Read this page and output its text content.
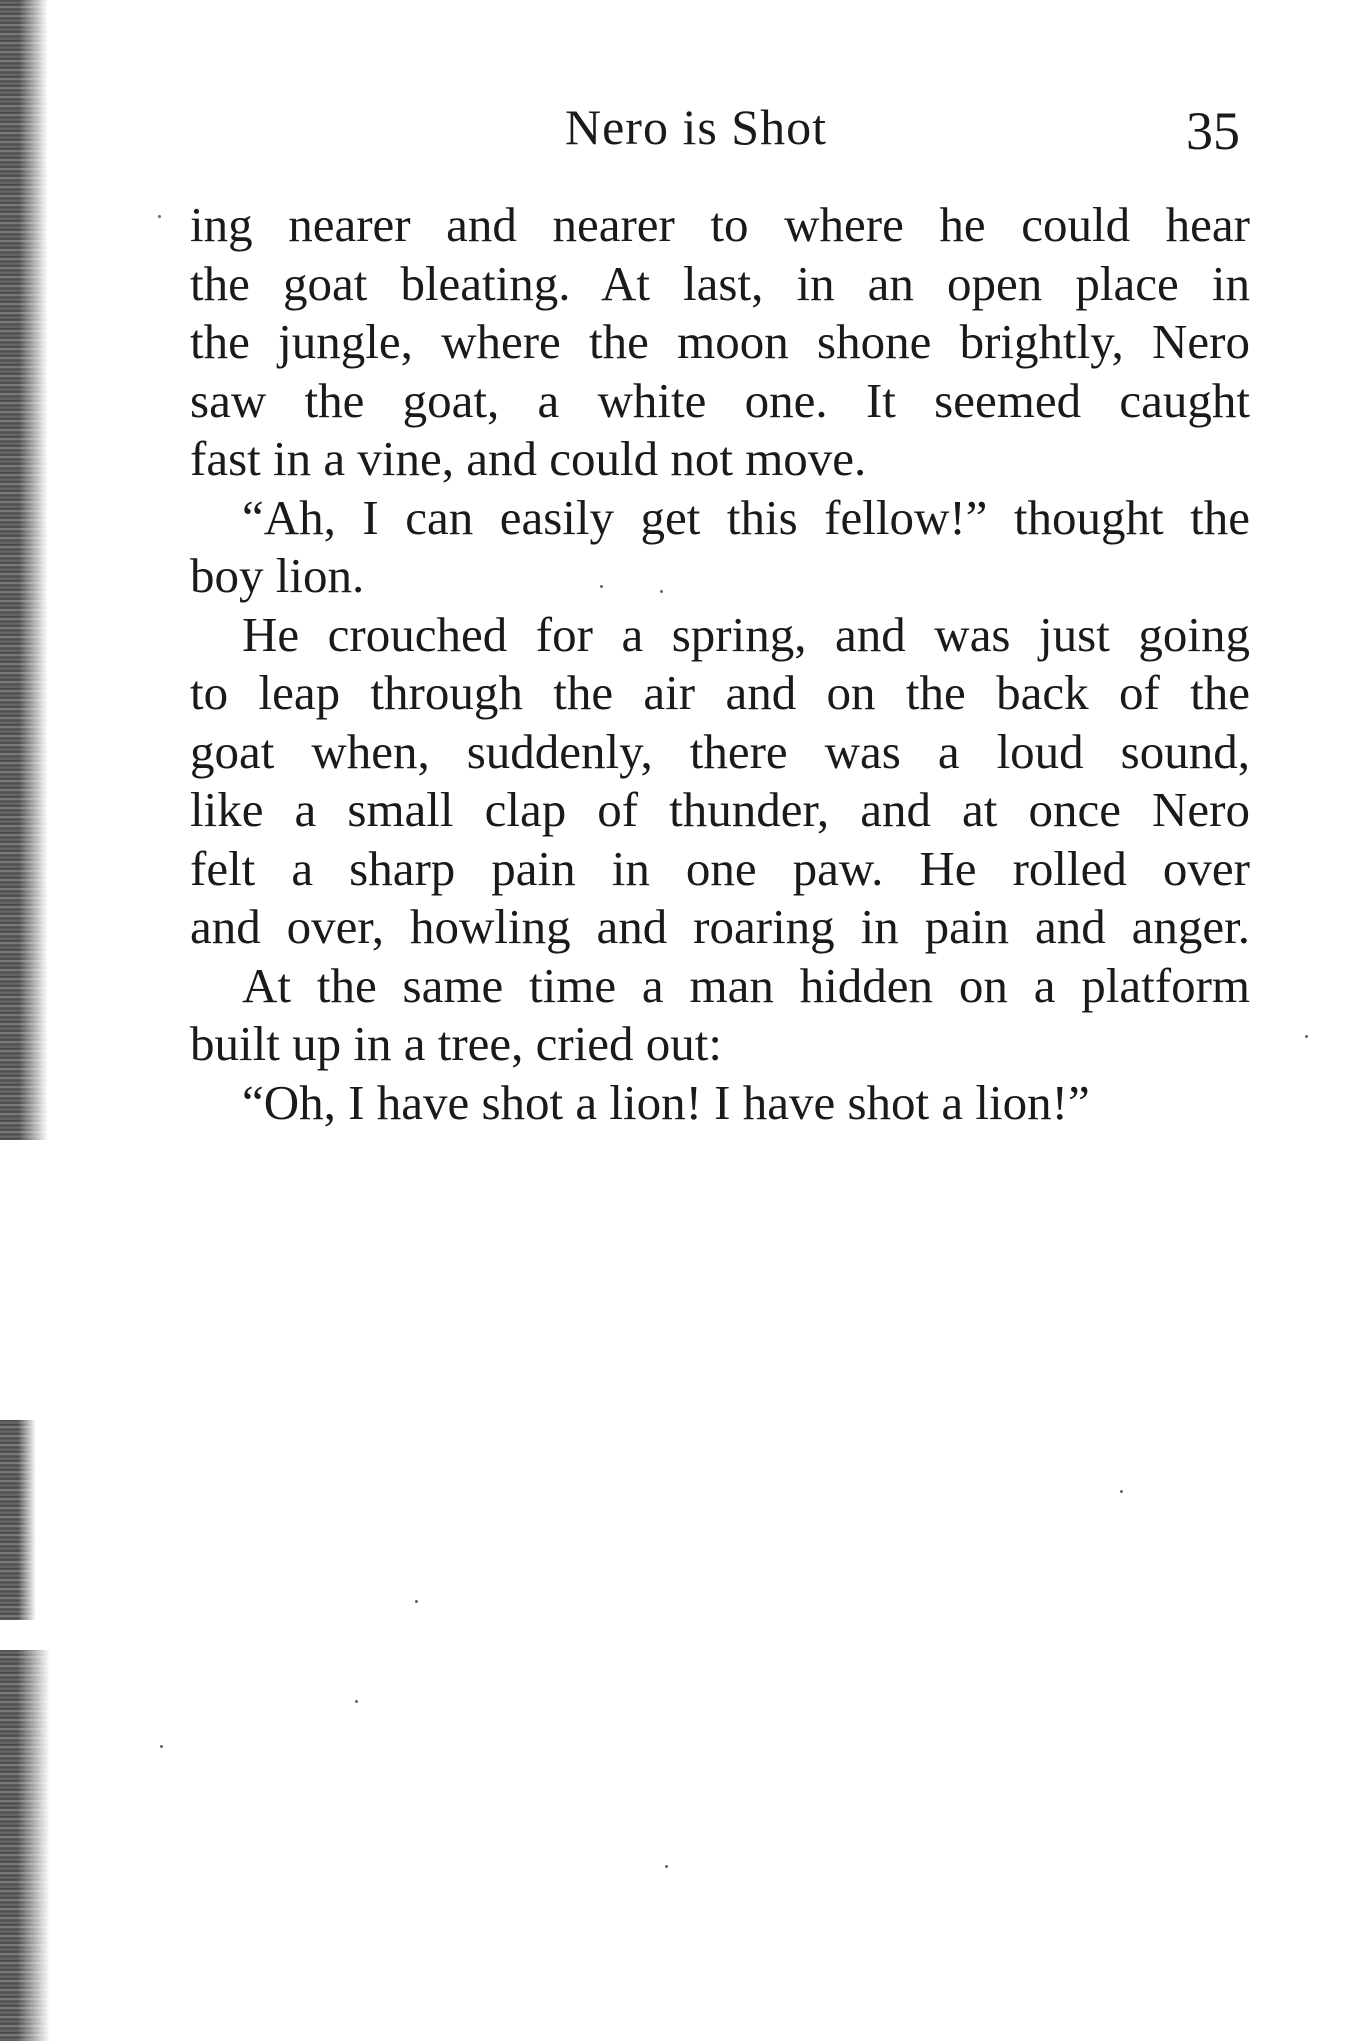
Nero is Shot	35
ing nearer and nearer to where he could hear
the goat bleating. At last, in an open place in
the jungle, where the moon shone brightly, Nero
saw the goat, a white one. It seemed caught
fast in a vine, and could not move.
“Ah, I can easily get this fellow!” thought the
boy lion.
He crouched for a spring, and was just going
to leap through the air and on the back of the
goat when, suddenly, there was a loud sound,
like a small clap of thunder, and at once Nero
felt a sharp pain in one paw. He rolled over
and over, howling and roaring in pain and anger.
At the same time a man hidden on a platform
built up in a tree, cried out:
“Oh, I have shot a lion! I have shot a lion!”
